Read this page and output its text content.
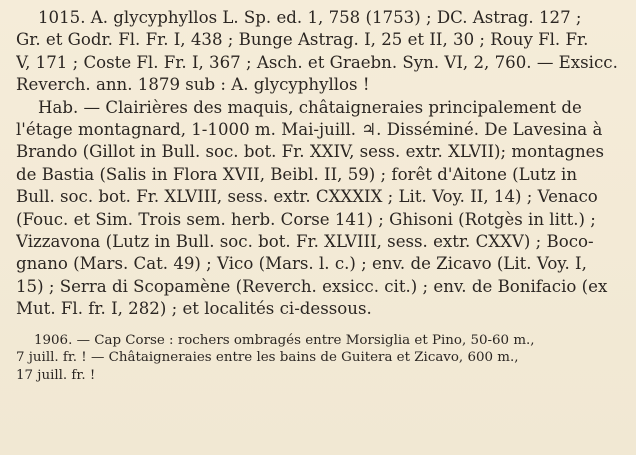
1015. A. glycyphyllos L. Sp. ed. 1, 758 (1753) ; DC. Astrag. 127 ;
Gr. et Godr. Fl. Fr. I, 438 ; Bunge Astrag. I, 25 et II, 30 ; Rouy Fl. Fr.
V, 171 ; Coste Fl. Fr. I, 367 ; Asch. et Graebn. Syn. VI, 2, 760. — Exsicc.
Reverch. ann. 1879 sub : A. glycyphyllos !
Hab. — Clairières des maquis, châtaigneraies principalement de
l'étage montagnard, 1-1000 m. Mai-juill. ♃. Disséminé. De Lavesina à
Brando (Gillot in Bull. soc. bot. Fr. XXIV, sess. extr. XLVII); montagnes
de Bastia (Salis in Flora XVII, Beibl. II, 59) ; forêt d'Aitone (Lutz in
Bull. soc. bot. Fr. XLVIII, sess. extr. CXXXIX ; Lit. Voy. II, 14) ; Venaco
(Fouc. et Sim. Trois sem. herb. Corse 141) ; Ghisoni (Rotgès in litt.) ;
Vizzavona (Lutz in Bull. soc. bot. Fr. XLVIII, sess. extr. CXXV) ; Boco-
gnano (Mars. Cat. 49) ; Vico (Mars. l. c.) ; env. de Zicavo (Lit. Voy. I,
15) ; Serra di Scopamène (Reverch. exsicc. cit.) ; env. de Bonifacio (ex
Mut. Fl. fr. I, 282) ; et localités ci-dessous.
1906. — Cap Corse : rochers ombragés entre Morsiglia et Pino, 50-60 m.,
7 juill. fr. ! — Châtaigneraies entre les bains de Guitera et Zicavo, 600 m.,
17 juill. fr. !
